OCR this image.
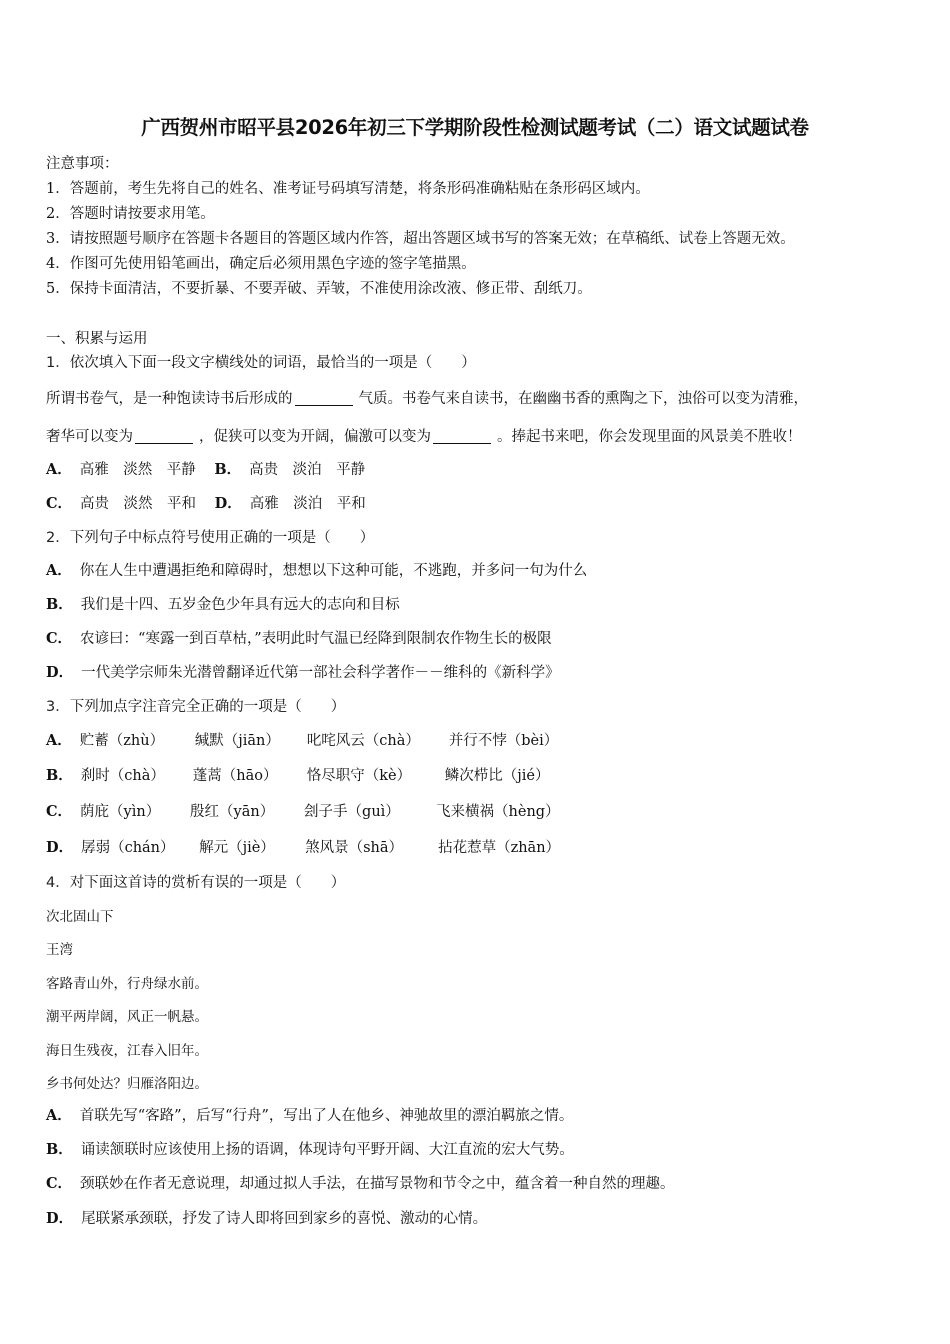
广西贺州市昭平县2026年初三下学期阶段性检测试题考试（二）语文试题试卷
注意事项：
1．答题前，考生先将自己的姓名、准考证号码填写清楚，将条形码准确粘贴在条形码区域内。
2．答题时请按要求用笔。
3．请按照题号顺序在答题卡各题目的答题区域内作答，超出答题区域书写的答案无效；在草稿纸、试卷上答题无效。
4．作图可先使用铅笔画出，确定后必须用黑色字迹的签字笔描黑。
5．保持卡面清洁，不要折暴、不要弄破、弄皱，不准使用涂改液、修正带、刮纸刀。
一、积累与运用
1．依次填入下面一段文字横线处的词语，最恰当的一项是（　　）
所谓书卷气，是一种饱读诗书后形成的	气质。书卷气来自读书，在幽幽书香的熏陶之下，浊俗可以变为清雅，
奢华可以变为	，促狭可以变为开阔，偏激可以变为	。捧起书来吧，你会发现里面的风景美不胜收！
A． 高雅　淡然　平静 B． 高贵　淡泊　平静
C． 高贵　淡然　平和 D． 高雅　淡泊　平和
2．下列句子中标点符号使用正确的一项是（　　）
A． 你在人生中遭遇拒绝和障碍时，想想以下这种可能，不逃跑，并多问一句为什么
B． 我们是十四、五岁金色少年具有远大的志向和目标
C． 农谚曰：“寒露一到百草枯，”表明此时气温已经降到限制农作物生长的极限
D． 一代美学宗师朱光潜曾翻译近代第一部社会科学著作－－维科的《新科学》
3．下列加点字注音完全正确的一项是（　　）
A． 贮蓄（zhù） 缄默（jiān） 叱咤风云（chà） 并行不悖（bèi）
B． 刹时（chà） 蓬蒿（hāo） 恪尽职守（kè） 鳞次栉比（jié）
C． 荫庇（yìn） 殷红（yān） 刽子手（guì） 飞来横祸（hèng）
D． 孱弱（chán） 解元（jiè） 煞风景（shā） 拈花惹草（zhān）
4．对下面这首诗的赏析有误的一项是（　　）
次北固山下
王湾
客路青山外，行舟绿水前。
潮平两岸阔，风正一帆悬。
海日生残夜，江春入旧年。
乡书何处达？归雁洛阳边。
A． 首联先写“客路”，后写“行舟”，写出了人在他乡、神驰故里的漂泊羁旅之情。
B． 诵读颔联时应该使用上扬的语调，体现诗句平野开阔、大江直流的宏大气势。
C． 颈联妙在作者无意说理，却通过拟人手法，在描写景物和节令之中，蕴含着一种自然的理趣。
D． 尾联紧承颈联，抒发了诗人即将回到家乡的喜悦、激动的心情。
